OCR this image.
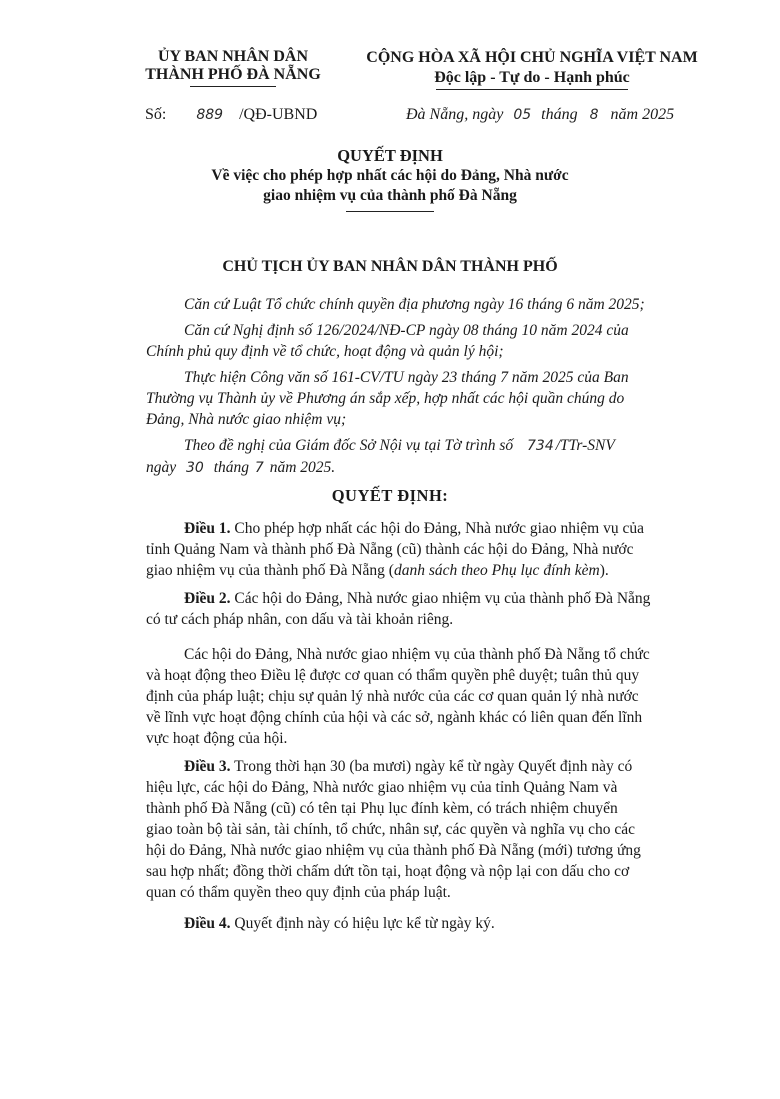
ỦY BAN NHÂN DÂN
THÀNH PHỐ ĐÀ NẴNG
CỘNG HÒA XÃ HỘI CHỦ NGHĨA VIỆT NAM
Độc lập - Tự do - Hạnh phúc
Số: 889 /QĐ-UBND	Đà Nẵng, ngày 05 tháng 8 năm 2025
QUYẾT ĐỊNH
Về việc cho phép hợp nhất các hội do Đảng, Nhà nước
giao nhiệm vụ của thành phố Đà Nẵng
CHỦ TỊCH ỦY BAN NHÂN DÂN THÀNH PHỐ
Căn cứ Luật Tổ chức chính quyền địa phương ngày 16 tháng 6 năm 2025;
Căn cứ Nghị định số 126/2024/NĐ-CP ngày 08 tháng 10 năm 2024 của
Chính phủ quy định về tổ chức, hoạt động và quản lý hội;
Thực hiện Công văn số 161-CV/TU ngày 23 tháng 7 năm 2025 của Ban
Thường vụ Thành ủy về Phương án sắp xếp, hợp nhất các hội quần chúng do
Đảng, Nhà nước giao nhiệm vụ;
Theo đề nghị của Giám đốc Sở Nội vụ tại Tờ trình số 734 /TTr-SNV
ngày 30 tháng 7 năm 2025.
QUYẾT ĐỊNH:
Điều 1. Cho phép hợp nhất các hội do Đảng, Nhà nước giao nhiệm vụ của
tỉnh Quảng Nam và thành phố Đà Nẵng (cũ) thành các hội do Đảng, Nhà nước
giao nhiệm vụ của thành phố Đà Nẵng (danh sách theo Phụ lục đính kèm).
Điều 2. Các hội do Đảng, Nhà nước giao nhiệm vụ của thành phố Đà Nẵng
có tư cách pháp nhân, con dấu và tài khoản riêng.
Các hội do Đảng, Nhà nước giao nhiệm vụ của thành phố Đà Nẵng tổ chức
và hoạt động theo Điều lệ được cơ quan có thẩm quyền phê duyệt; tuân thủ quy
định của pháp luật; chịu sự quản lý nhà nước của các cơ quan quản lý nhà nước
về lĩnh vực hoạt động chính của hội và các sở, ngành khác có liên quan đến lĩnh
vực hoạt động của hội.
Điều 3. Trong thời hạn 30 (ba mươi) ngày kể từ ngày Quyết định này có
hiệu lực, các hội do Đảng, Nhà nước giao nhiệm vụ của tỉnh Quảng Nam và
thành phố Đà Nẵng (cũ) có tên tại Phụ lục đính kèm, có trách nhiệm chuyển
giao toàn bộ tài sản, tài chính, tổ chức, nhân sự, các quyền và nghĩa vụ cho các
hội do Đảng, Nhà nước giao nhiệm vụ của thành phố Đà Nẵng (mới) tương ứng
sau hợp nhất; đồng thời chấm dứt tồn tại, hoạt động và nộp lại con dấu cho cơ
quan có thẩm quyền theo quy định của pháp luật.
Điều 4. Quyết định này có hiệu lực kể từ ngày ký.
